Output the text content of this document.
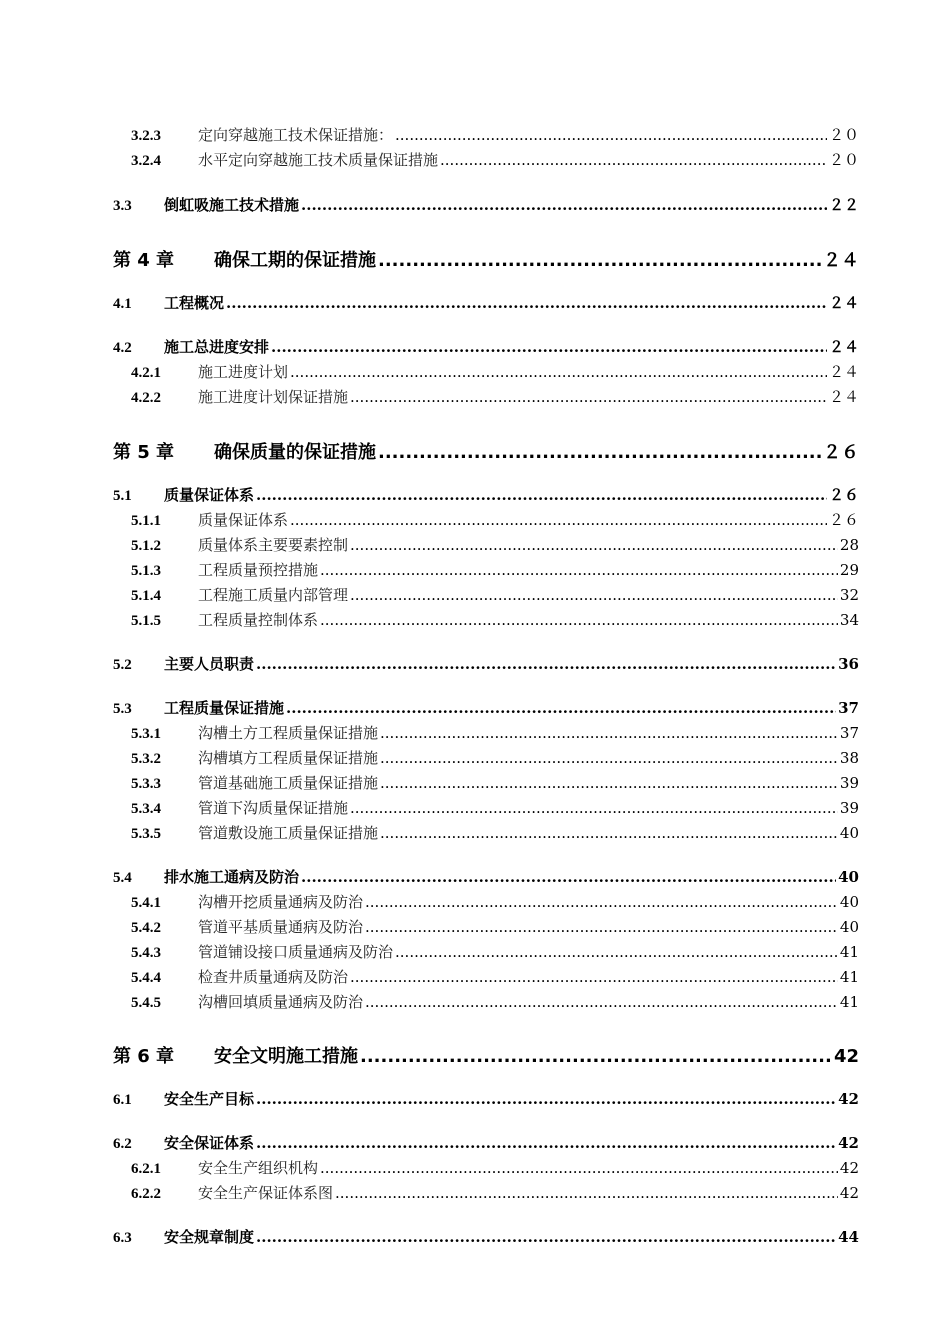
3.2.3	定向穿越施工技术保证措施： .....	２０
3.2.4	水平定向穿越施工技术质量保证措施 .....	２０
3.3	倒虹吸施工技术措施 .....	２２
第 4 章	确保工期的保证措施 .....	２４
4.1	工程概况 .....	２４
4.2	施工总进度安排 .....	２４
4.2.1	施工进度计划 .....	２４
4.2.2	施工进度计划保证措施 .....	２４
第 5 章	确保质量的保证措施 .....	２６
5.1	质量保证体系 .....	２６
5.1.1	质量保证体系 .....	２６
5.1.2	质量体系主要要素控制 .....	28
5.1.3	工程质量预控措施 .....	29
5.1.4	工程施工质量内部管理 .....	32
5.1.5	工程质量控制体系 .....	34
5.2	主要人员职责 .....	36
5.3	工程质量保证措施 .....	37
5.3.1	沟槽土方工程质量保证措施 .....	37
5.3.2	沟槽填方工程质量保证措施 .....	38
5.3.3	管道基础施工质量保证措施 .....	39
5.3.4	管道下沟质量保证措施 .....	39
5.3.5	管道敷设施工质量保证措施 .....	40
5.4	排水施工通病及防治 .....	40
5.4.1	沟槽开挖质量通病及防治 .....	40
5.4.2	管道平基质量通病及防治 .....	40
5.4.3	管道铺设接口质量通病及防治 .....	41
5.4.4	检查井质量通病及防治 .....	41
5.4.5	沟槽回填质量通病及防治 .....	41
第 6 章	安全文明施工措施 .....	42
6.1	安全生产目标 .....	42
6.2	安全保证体系 .....	42
6.2.1	安全生产组织机构 .....	42
6.2.2	安全生产保证体系图 .....	42
6.3	安全规章制度 .....	44
